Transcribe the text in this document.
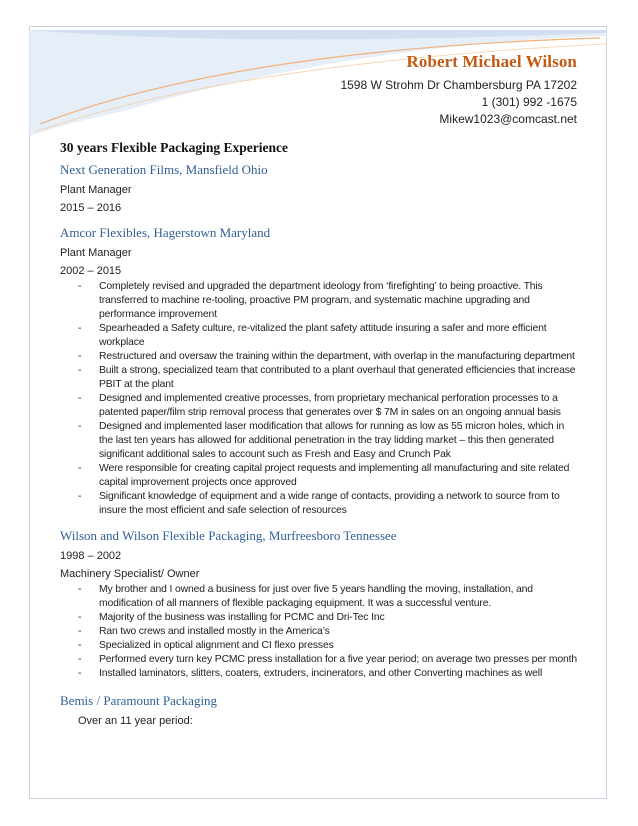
Robert Michael Wilson
1598 W Strohm Dr Chambersburg PA 17202
1 (301) 992 -1675
Mikew1023@comcast.net
30 years Flexible Packaging Experience
Next Generation Films, Mansfield Ohio
Plant Manager
2015 – 2016
Amcor Flexibles, Hagerstown Maryland
Plant Manager
2002 – 2015
- Completely revised and upgraded the department ideology from ‘firefighting’ to being proactive. This transferred to machine re-tooling, proactive PM program, and systematic machine upgrading and performance improvement
- Spearheaded a Safety culture, re-vitalized the plant safety attitude insuring a safer and more efficient workplace
- Restructured and oversaw the training within the department, with overlap in the manufacturing department
- Built a strong, specialized team that contributed to a plant overhaul that generated efficiencies that increase PBIT at the plant
- Designed and implemented creative processes, from proprietary mechanical perforation processes to a patented paper/film strip removal process that generates over $ 7M in sales on an ongoing annual basis
- Designed and implemented laser modification that allows for running as low as 55 micron holes, which in the last ten years has allowed for additional penetration in the tray lidding market – this then generated significant additional sales to account such as Fresh and Easy and Crunch Pak
- Were responsible for creating capital project requests and implementing all manufacturing and site related capital improvement projects once approved
- Significant knowledge of equipment and a wide range of contacts, providing a network to source from to insure the most efficient and safe selection of resources
Wilson and Wilson Flexible Packaging, Murfreesboro Tennessee
1998 – 2002
Machinery Specialist/ Owner
- My brother and I owned a business for just over five 5 years handling the moving, installation, and modification of all manners of flexible packaging equipment. It was a successful venture.
- Majority of the business was installing for PCMC and Dri-Tec Inc
- Ran two crews and installed mostly in the America’s
- Specialized in optical alignment and CI flexo presses
- Performed every turn key PCMC press installation for a five year period; on average two presses per month
- Installed laminators, slitters, coaters, extruders, incinerators, and other Converting machines as well
Bemis / Paramount Packaging
Over an 11 year period:
